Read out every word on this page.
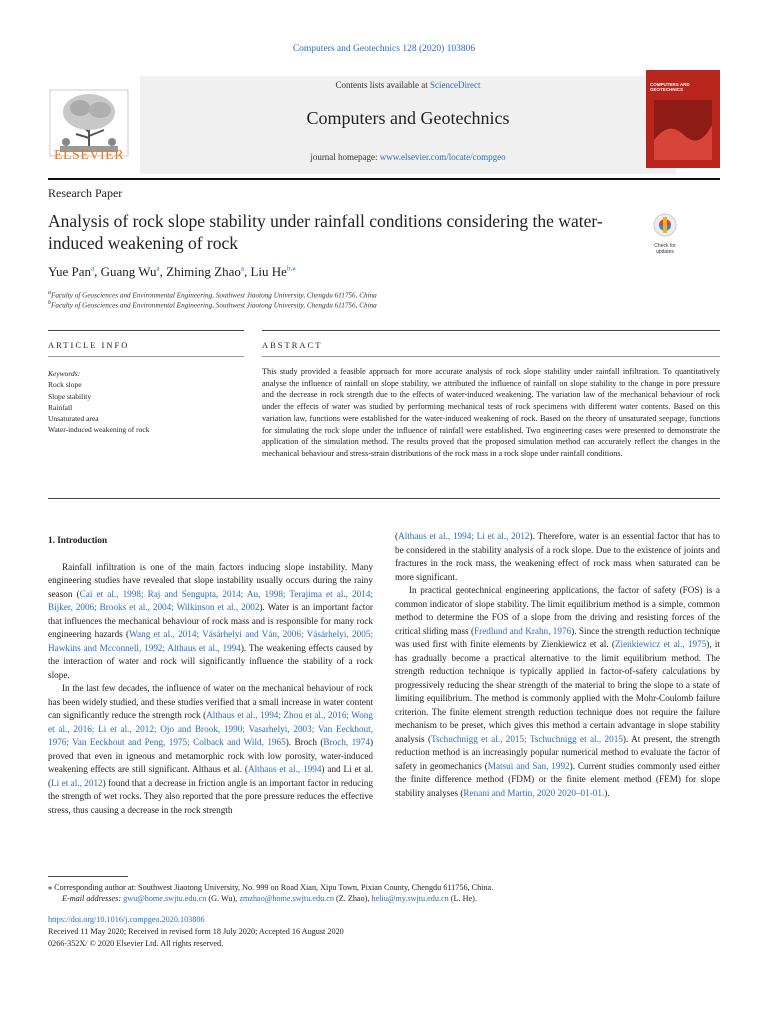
Computers and Geotechnics 128 (2020) 103806
ELSEVIER
Contents lists available at ScienceDirect
Computers and Geotechnics
journal homepage: www.elsevier.com/locate/compgeo
COMPUTERS AND GEOTECHNICS
Research Paper
Analysis of rock slope stability under rainfall conditions considering the water-induced weakening of rock	Check for updates
Yue Pan$^a$, Guang Wu$^a$, Zhiming Zhao$^a$, Liu $He^{b,⁎}$
$^a$Faculty of Geosciences and Environmental Engineering, Southwest Jiaotong University, Chengdu 611756, China
$^b$Faculty of Geosciences and Environmental Engineering, Southwest Jiaotong University, Chengdu 611756, China
ARTICLE INFO	ABSTRACT
Keywords:
Rock slope
Slope stability
Rainfall
Unsaturated area
Water-induced weakening of rock
This study provided a feasible approach for more accurate analysis of rock slope stability under rainfall infiltration. To quantitatively analyse the influence of rainfall on slope stability, we attributed the influence of rainfall on slope stability to the change in pore pressure and the decrease in rock strength due to the effects of water-induced weakening. The variation law of the mechanical behaviour of rock under the effects of water was studied by performing mechanical tests of rock specimens with different water contents. Based on this variation law, functions were established for the water-induced weakening of rock. Based on the theory of unsaturated seepage, functions for simulating the rock slope under the influence of rainfall were established. Two engineering cases were presented to demonstrate the application of the simulation method. The results proved that the proposed simulation method can accurately reflect the changes in the mechanical behaviour and stress-strain distributions of the rock mass in a rock slope under rainfall conditions.
1. Introduction

Rainfall infiltration is one of the main factors inducing slope instability. Many engineering studies have revealed that slope instability usually occurs during the rainy season (Cai et al., 1998; Raj and Sengupta, 2014; Au, 1998; Terajima et al., 2014; Bijker, 2006; Brooks et al., 2004; Wilkinson et al., 2002). Water is an important factor that influences the mechanical behaviour of rock mass and is responsible for many rock engineering hazards (Wang et al., 2014; Vásárhelyi and Ván, 2006; Vásárhelyi, 2005; Hawkins and Mcconnell, 1992; Althaus et al., 1994). The weakening effects caused by the interaction of water and rock will significantly influence the stability of a rock slope.

In the last few decades, the influence of water on the mechanical behaviour of rock has been widely studied, and these studies verified that a small increase in water content can significantly reduce the strength rock (Althaus et al., 1994; Zhou et al., 2016; Wong et al., 2016; Li et al., 2012; Ojo and Brook, 1990; Vasarhelyi, 2003; Van Eeckhout, 1976; Van Eeckhout and Peng, 1975; Colback and Wild, 1965). Broch (Broch, 1974) proved that even in igneous and metamorphic rock with low porosity, water-induced weakening effects are still significant. Althaus et al. (Althaus et al., 1994) and Li et al. (Li et al., 2012) found that a decrease in friction angle is an important factor in reducing the strength of wet rocks. They also reported that the pore pressure reduces the effective stress, thus causing a decrease in the rock strength

(Althaus et al., 1994; Li et al., 2012). Therefore, water is an essential factor that has to be considered in the stability analysis of a rock slope. Due to the existence of joints and fractures in the rock mass, the weakening effect of rock mass when saturated can be more significant.

In practical geotechnical engineering applications, the factor of safety (FOS) is a common indicator of slope stability. The limit equilibrium method is a simple, common method to determine the FOS of a slope from the driving and resisting forces of the critical sliding mass (Fredlund and Krahn, 1976). Since the strength reduction technique was used first with finite elements by Zienkiewicz et al. (Zienkiewicz et al., 1975), it has gradually become a practical alternative to the limit equilibrium method. The strength reduction technique is typically applied in factor-of-safety calculations by progressively reducing the shear strength of the material to bring the slope to a state of limiting equilibrium. The method is commonly applied with the Mohr-Coulomb failure criterion. The finite element strength reduction technique does not require the failure mechanism to be preset, which gives this method a certain advantage in slope stability analysis (Tschuchnigg et al., 2015; Tschuchnigg et al., 2015). At present, the strength reduction method is an increasingly popular numerical method to evaluate the factor of safety in geomechanics (Matsui and San, 1992). Current studies commonly used either the finite difference method (FDM) or the finite element method (FEM) for slope stability analyses (Renani and Martin, 2020 2020–01-01.).

⁎ Corresponding author at: Southwest Jiaotong University, No. 999 on Road Xian, Xipu Town, Pixian County, Chengdu 611756, China.
E-mail addresses: gwu@home.swjtu.edu.cn (G. Wu), zmzhao@home.swjtu.edu.cn (Z. Zhao), heliu@my.swjtu.edu.cn (L. He).
https://doi.org/10.1016/j.compgeo.2020.103806
Received 11 May 2020; Received in revised form 18 July 2020; Accepted 16 August 2020
0266-352X/ © 2020 Elsevier Ltd. All rights reserved.
